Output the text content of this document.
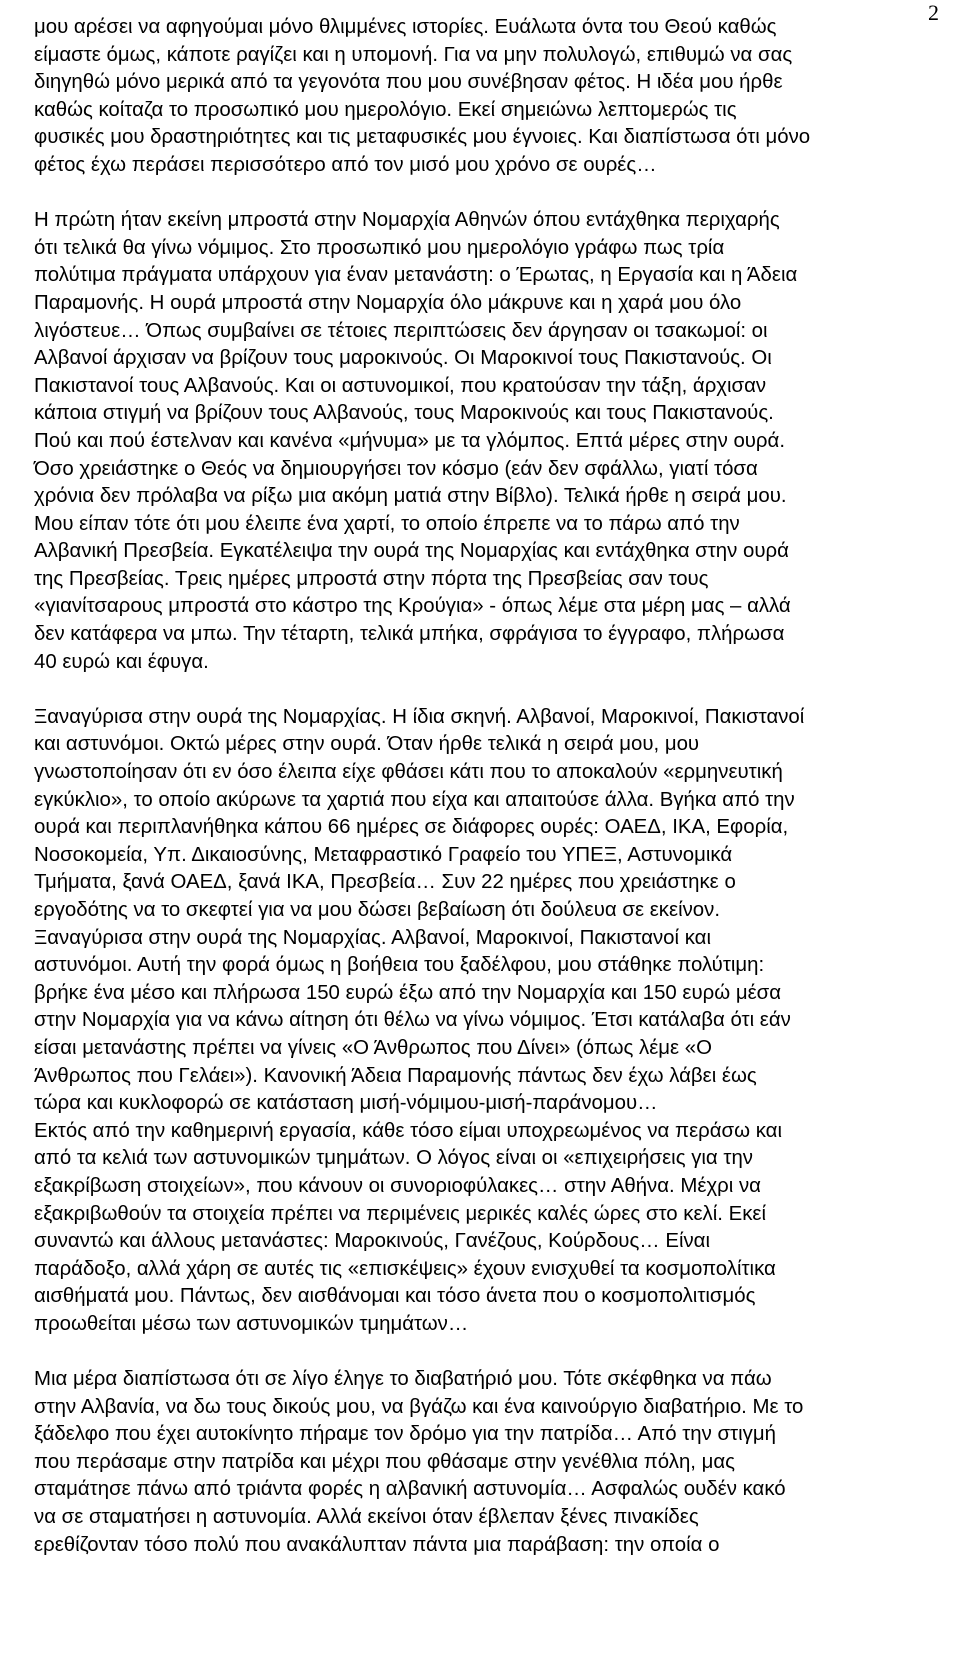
2
μου αρέσει να αφηγούμαι μόνο θλιμμένες ιστορίες. Ευάλωτα όντα του Θεού καθώς
είμαστε όμως, κάποτε ραγίζει και η υπομονή. Για να μην πολυλογώ, επιθυμώ να σας
διηγηθώ μόνο μερικά από τα γεγονότα που μου συνέβησαν φέτος. Η ιδέα μου ήρθε
καθώς κοίταζα το προσωπικό μου ημερολόγιο. Εκεί σημειώνω λεπτομερώς τις
φυσικές μου δραστηριότητες και τις μεταφυσικές μου έγνοιες. Και διαπίστωσα ότι μόνο
φέτος έχω περάσει περισσότερο από τον μισό μου χρόνο σε ουρές…
Η πρώτη ήταν εκείνη μπροστά στην Νομαρχία Αθηνών όπου εντάχθηκα περιχαρής
ότι τελικά θα γίνω νόμιμος. Στο προσωπικό μου ημερολόγιο γράφω πως τρία
πολύτιμα πράγματα υπάρχουν για έναν μετανάστη: ο Έρωτας, η Εργασία και η Άδεια
Παραμονής. Η ουρά μπροστά στην Νομαρχία όλο μάκρυνε και η χαρά μου όλο
λιγόστευε… Όπως συμβαίνει σε τέτοιες περιπτώσεις δεν άργησαν οι τσακωμοί: οι
Αλβανοί άρχισαν να βρίζουν τους μαροκινούς. Οι Μαροκινοί τους Πακιστανούς. Οι
Πακιστανοί τους Αλβανούς. Και οι αστυνομικοί, που κρατούσαν την τάξη, άρχισαν
κάποια στιγμή να βρίζουν τους Αλβανούς, τους Μαροκινούς και τους Πακιστανούς.
Πού και πού έστελναν και κανένα «μήνυμα» με τα γλόμπος. Επτά μέρες στην ουρά.
Όσο χρειάστηκε ο Θεός να δημιουργήσει τον κόσμο (εάν δεν σφάλλω, γιατί τόσα
χρόνια δεν πρόλαβα να ρίξω μια ακόμη ματιά στην Βίβλο). Τελικά ήρθε η σειρά μου.
Μου είπαν τότε ότι μου έλειπε ένα χαρτί, το οποίο έπρεπε να το πάρω από την
Αλβανική Πρεσβεία. Εγκατέλειψα την ουρά της Νομαρχίας και εντάχθηκα στην ουρά
της Πρεσβείας. Τρεις ημέρες μπροστά στην πόρτα της Πρεσβείας σαν τους
«γιανίτσαρους μπροστά στο κάστρο της Κρούγια» - όπως λέμε στα μέρη μας – αλλά
δεν κατάφερα να μπω. Την τέταρτη, τελικά μπήκα, σφράγισα το έγγραφο, πλήρωσα
40 ευρώ και έφυγα.
Ξαναγύρισα στην ουρά της Νομαρχίας. Η ίδια σκηνή. Αλβανοί, Μαροκινοί, Πακιστανοί
και αστυνόμοι. Οκτώ μέρες στην ουρά. Όταν ήρθε τελικά η σειρά μου, μου
γνωστοποίησαν ότι εν όσο έλειπα είχε φθάσει κάτι που το αποκαλούν «ερμηνευτική
εγκύκλιο», το οποίο ακύρωνε τα χαρτιά που είχα και απαιτούσε άλλα. Βγήκα από την
ουρά και περιπλανήθηκα κάπου 66 ημέρες σε διάφορες ουρές: ΟΑΕΔ, ΙΚΑ, Εφορία,
Νοσοκομεία, Υπ. Δικαιοσύνης, Μεταφραστικό Γραφείο του ΥΠΕΞ, Αστυνομικά
Τμήματα, ξανά ΟΑΕΔ, ξανά ΙΚΑ, Πρεσβεία… Συν 22 ημέρες που χρειάστηκε ο
εργοδότης να το σκεφτεί για να μου δώσει βεβαίωση ότι δούλευα σε εκείνον.
Ξαναγύρισα στην ουρά της Νομαρχίας. Αλβανοί, Μαροκινοί, Πακιστανοί και
αστυνόμοι. Αυτή την φορά όμως η βοήθεια του ξαδέλφου, μου στάθηκε πολύτιμη:
βρήκε ένα μέσο και πλήρωσα 150 ευρώ έξω από την Νομαρχία και 150 ευρώ μέσα
στην Νομαρχία για να κάνω αίτηση ότι θέλω να γίνω νόμιμος. Έτσι κατάλαβα ότι εάν
είσαι μετανάστης πρέπει να γίνεις «Ο Άνθρωπος που Δίνει» (όπως λέμε «Ο
Άνθρωπος που Γελάει»). Κανονική Άδεια Παραμονής πάντως δεν έχω λάβει έως
τώρα και κυκλοφορώ σε κατάσταση μισή-νόμιμου-μισή-παράνομου…
Εκτός από την καθημερινή εργασία, κάθε τόσο είμαι υποχρεωμένος να περάσω και
από τα κελιά των αστυνομικών τμημάτων. Ο λόγος είναι οι «επιχειρήσεις για την
εξακρίβωση στοιχείων», που κάνουν οι συνοριοφύλακες… στην Αθήνα. Μέχρι να
εξακριβωθούν τα στοιχεία πρέπει να περιμένεις μερικές καλές ώρες στο κελί. Εκεί
συναντώ και άλλους μετανάστες: Μαροκινούς, Γανέζους, Κούρδους… Είναι
παράδοξο, αλλά χάρη σε αυτές τις «επισκέψεις» έχουν ενισχυθεί τα κοσμοπολίτικα
αισθήματά μου. Πάντως, δεν αισθάνομαι και τόσο άνετα που ο κοσμοπολιτισμός
προωθείται μέσω των αστυνομικών τμημάτων…
Μια μέρα διαπίστωσα ότι σε λίγο έληγε το διαβατήριό μου. Τότε σκέφθηκα να πάω
στην Αλβανία, να δω τους δικούς μου, να βγάζω και ένα καινούργιο διαβατήριο. Με το
ξάδελφο που έχει αυτοκίνητο πήραμε τον δρόμο για την πατρίδα… Από την στιγμή
που περάσαμε στην πατρίδα και μέχρι που φθάσαμε στην γενέθλια πόλη, μας
σταμάτησε πάνω από τριάντα φορές η αλβανική αστυνομία… Ασφαλώς ουδέν κακό
να σε σταματήσει η αστυνομία. Αλλά εκείνοι όταν έβλεπαν ξένες πινακίδες
ερεθίζονταν τόσο πολύ που ανακάλυπταν πάντα μια παράβαση: την οποία ο
